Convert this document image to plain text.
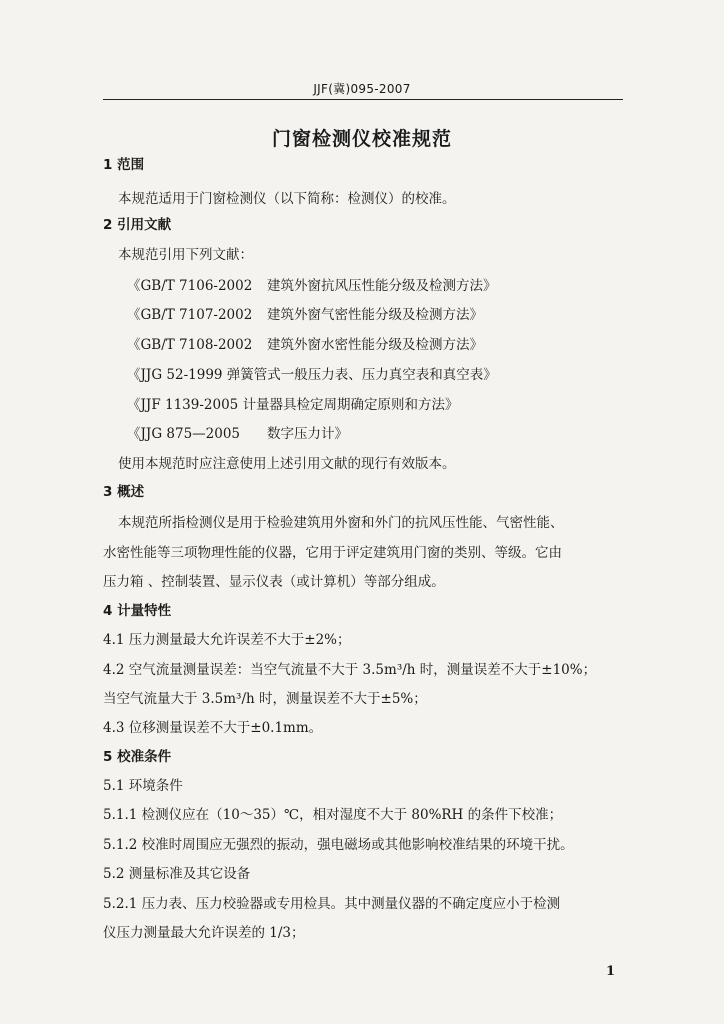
JJF(冀)095-2007
门窗检测仪校准规范
1 范围
本规范适用于门窗检测仪（以下简称：检测仪）的校准。
2 引用文献
本规范引用下列文献：
《GB/T 7106-2002 建筑外窗抗风压性能分级及检测方法》
《GB/T 7107-2002 建筑外窗气密性能分级及检测方法》
《GB/T 7108-2002 建筑外窗水密性能分级及检测方法》
《JJG 52-1999 弹簧管式一般压力表、压力真空表和真空表》
《JJF 1139-2005 计量器具检定周期确定原则和方法》
《JJG 875—2005 数字压力计》
使用本规范时应注意使用上述引用文献的现行有效版本。
3 概述
本规范所指检测仪是用于检验建筑用外窗和外门的抗风压性能、气密性能、
水密性能等三项物理性能的仪器，它用于评定建筑用门窗的类别、等级。它由
压力箱 、控制装置、显示仪表（或计算机）等部分组成。
4 计量特性
4.1 压力测量最大允许误差不大于±2%；
4.2 空气流量测量误差：当空气流量不大于 3.5m³/h 时，测量误差不大于±10%；
当空气流量大于 3.5m³/h 时，测量误差不大于±5%；
4.3 位移测量误差不大于±0.1mm。
5 校准条件
5.1 环境条件
5.1.1 检测仪应在（10～35）℃，相对湿度不大于 80%RH 的条件下校准；
5.1.2 校准时周围应无强烈的振动，强电磁场或其他影响校准结果的环境干扰。
5.2 测量标准及其它设备
5.2.1 压力表、压力校验器或专用检具。其中测量仪器的不确定度应小于检测
仪压力测量最大允许误差的 1/3；
1
